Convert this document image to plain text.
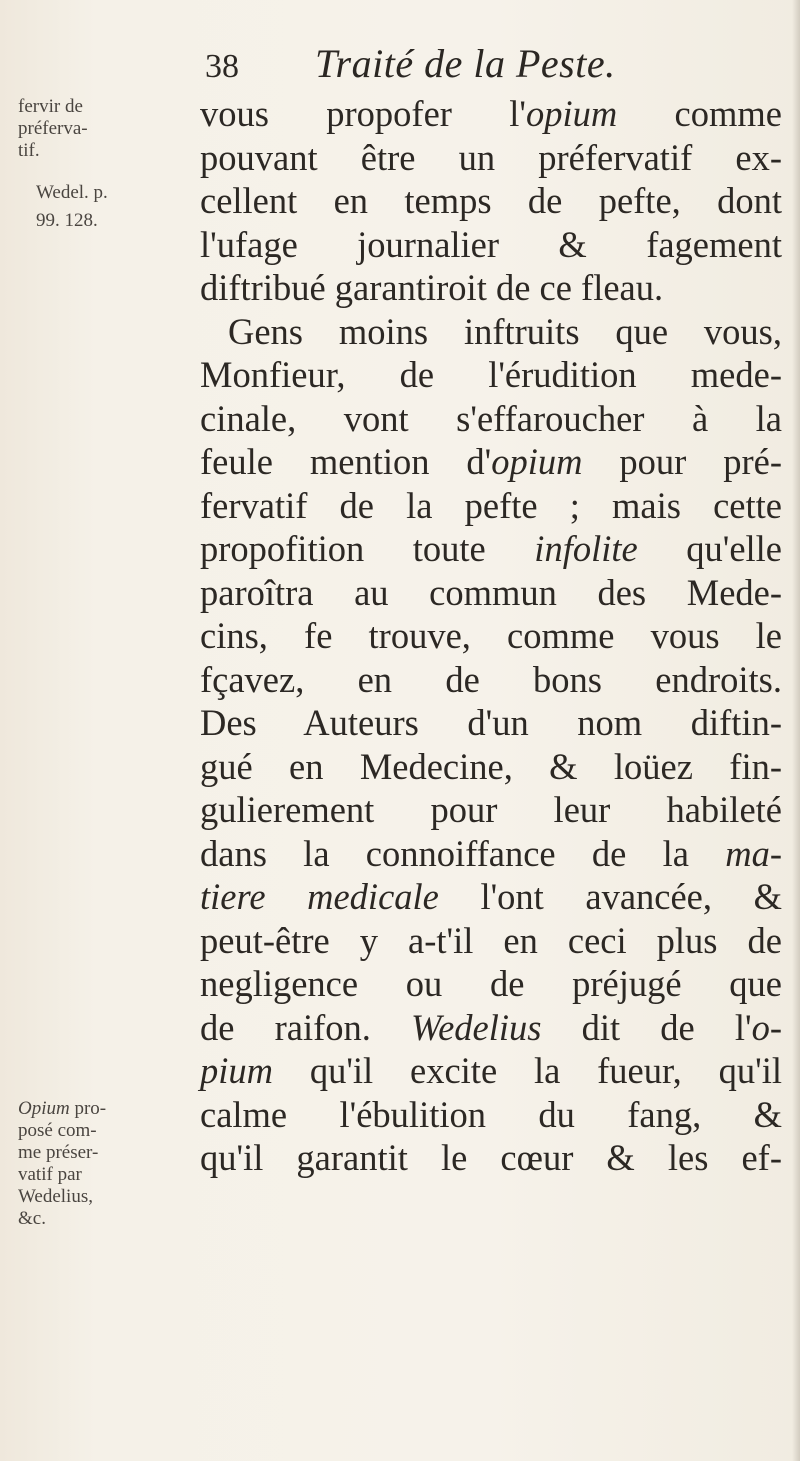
38	Traité de la Peste.
fervir de
préferva-
tif.
Wedel. p.
99. 128.
Opium pro-
posé com-
me préser-
vatif par
Wedelius,
&c.
vous propofer l'opium comme
pouvant être un préfervatif ex-
cellent en temps de pefte, dont
l'ufage journalier & fagement
diftribué garantiroit de ce fleau.
Gens moins inftruits que vous,
Monfieur, de l'érudition mede-
cinale, vont s'effaroucher à la
feule mention d'opium pour pré-
fervatif de la pefte ; mais cette
propofition toute infolite qu'elle
paroîtra au commun des Mede-
cins, fe trouve, comme vous le
fçavez, en de bons endroits.
Des Auteurs d'un nom diftin-
gué en Medecine, & loüez fin-
gulierement pour leur habileté
dans la connoiffance de la ma-
tiere medicale l'ont avancée, &
peut-être y a-t'il en ceci plus de
negligence ou de préjugé que
de raifon. Wedelius dit de l'o-
pium qu'il excite la fueur, qu'il
calme l'ébulition du fang, &
qu'il garantit le cœur & les ef-
